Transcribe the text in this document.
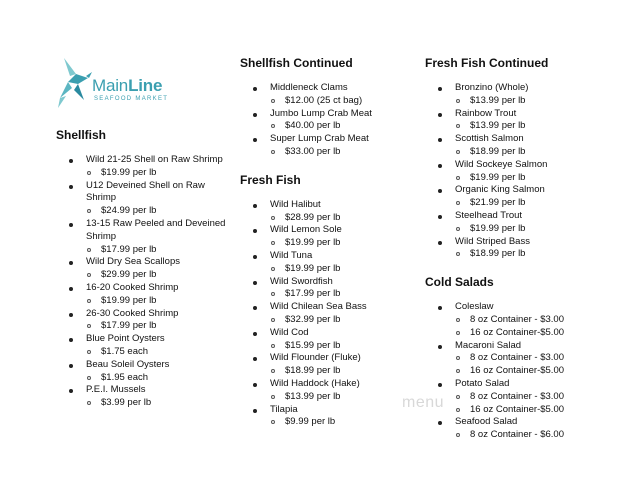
MainLine
SEAFOOD MARKET
Shellfish
Wild 21-25 Shell on Raw Shrimp
$19.99 per lb
U12 Deveined Shell on Raw Shrimp
$24.99 per lb
13-15 Raw Peeled and Deveined Shrimp
$17.99 per lb
Wild Dry Sea Scallops
$29.99 per lb
16-20 Cooked Shrimp
$19.99 per lb
26-30 Cooked Shrimp
$17.99 per lb
Blue Point Oysters
$1.75 each
Beau Soleil Oysters
$1.95 each
P.E.I. Mussels
$3.99 per lb
Shellfish Continued
Middleneck Clams
$12.00 (25 ct bag)
Jumbo Lump Crab Meat
$40.00 per lb
Super Lump Crab Meat
$33.00 per lb
Fresh Fish
Wild Halibut
$28.99 per lb
Wild Lemon Sole
$19.99 per lb
Wild Tuna
$19.99 per lb
Wild Swordfish
$17.99 per lb
Wild Chilean Sea Bass
$32.99 per lb
Wild Cod
$15.99 per lb
Wild Flounder (Fluke)
$18.99 per lb
Wild Haddock (Hake)
$13.99 per lb
Tilapia
$9.99 per lb
Fresh Fish Continued
Bronzino (Whole)
$13.99 per lb
Rainbow Trout
$13.99 per lb
Scottish Salmon
$18.99 per lb
Wild Sockeye Salmon
$19.99 per lb
Organic King Salmon
$21.99 per lb
Steelhead Trout
$19.99 per lb
Wild Striped Bass
$18.99 per lb
Cold Salads
Coleslaw
8 oz Container - $3.00
16 oz Container-$5.00
Macaroni Salad
8 oz Container - $3.00
16 oz Container-$5.00
Potato Salad
8 oz Container - $3.00
16 oz Container-$5.00
Seafood Salad
8 oz Container - $6.00
menu
